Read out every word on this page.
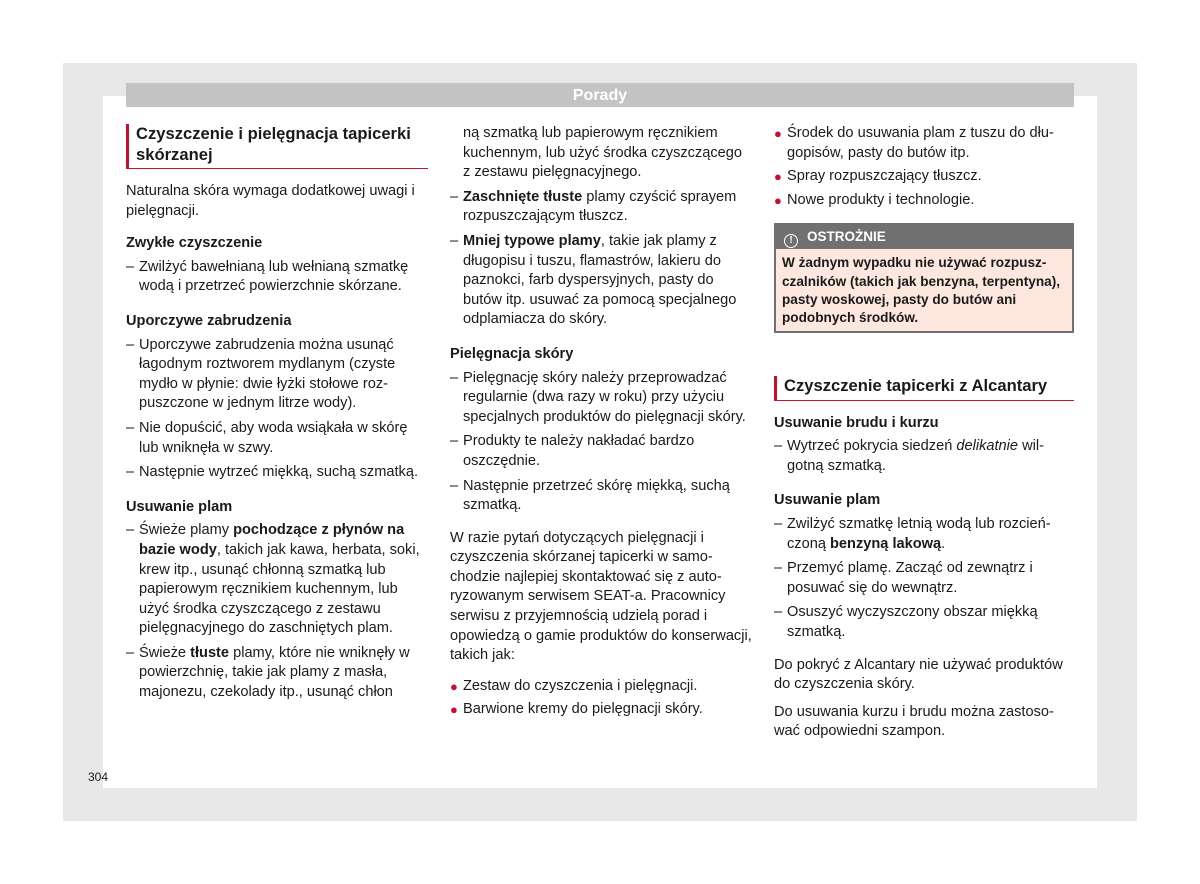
Porady
Czyszczenie i pielęgnacja tapicerki skórzanej

Naturalna skóra wymaga dodatkowej uwagi i pielęgnacji.

Zwykłe czyszczenie

– Zwilżyć bawełnianą lub wełnianą szmatkę wodą i przetrzeć powierzchnie skórzane.

Uporczywe zabrudzenia

– Uporczywe zabrudzenia można usunąć łagodnym roztworem mydlanym (czyste mydło w płynie: dwie łyżki stołowe rozpuszczone w jednym litrze wody).
– Nie dopuścić, aby woda wsiąkała w skórę lub wniknęła w szwy.
– Następnie wytrzeć miękką, suchą szmatką.

Usuwanie plam

– Świeże plamy pochodzące z płynów na bazie wody, takich jak kawa, herbata, soki, krew itp., usunąć chłonną szmatką lub papierowym ręcznikiem kuchennym, lub użyć środka czyszczącego z zestawu pielęgnacyjnego do zaschniętych plam.
– Świeże tłuste plamy, które nie wniknęły w powierzchnię, takie jak plamy z masła, majonezu, czekolady itp., usunąć chłon
ną szmatką lub papierowym ręcznikiem kuchennym, lub użyć środka czyszczącego z zestawu pielęgnacyjnego.
– Zaschnięte tłuste plamy czyścić sprayem rozpuszczającym tłuszcz.
– Mniej typowe plamy, takie jak plamy z długopisu i tuszu, flamastrów, lakieru do paznokci, farb dyspersyjnych, pasty do butów itp. usuwać za pomocą specjalnego odplamiacza do skóry.

Pielęgnacja skóry

– Pielęgnację skóry należy przeprowadzać regularnie (dwa razy w roku) przy użyciu specjalnych produktów do pielęgnacji skóry.
– Produkty te należy nakładać bardzo oszczędnie.
– Następnie przetrzeć skórę miękką, suchą szmatką.

W razie pytań dotyczących pielęgnacji i czyszczenia skórzanej tapicerki w samochodzie najlepiej skontaktować się z autoryzowanym serwisem SEAT-a. Pracownicy serwisu z przyjemnością udzielą porad i opowiedzą o gamie produktów do konserwacji, takich jak:

● Zestaw do czyszczenia i pielęgnacji.
● Barwione kremy do pielęgnacji skóry.
● Środek do usuwania plam z tuszu do długopisów, pasty do butów itp.
● Spray rozpuszczający tłuszcz.
● Nowe produkty i technologie.
! OSTROŻNIE
W żadnym wypadku nie używać rozpuszczalników (takich jak benzyna, terpentyna), pasty woskowej, pasty do butów ani podobnych środków.
Czyszczenie tapicerki z Alcantary

Usuwanie brudu i kurzu

– Wytrzeć pokrycia siedzeń delikatnie wilgotną szmatką.

Usuwanie plam

– Zwilżyć szmatkę letnią wodą lub rozcieńczoną benzyną lakową.
– Przemyć plamę. Zacząć od zewnątrz i posuwać się do wewnątrz.
– Osuszyć wyczyszczony obszar miękką szmatką.

Do pokryć z Alcantary nie używać produktów do czyszczenia skóry.

Do usuwania kurzu i brudu można zastosować odpowiedni szampon.

304
